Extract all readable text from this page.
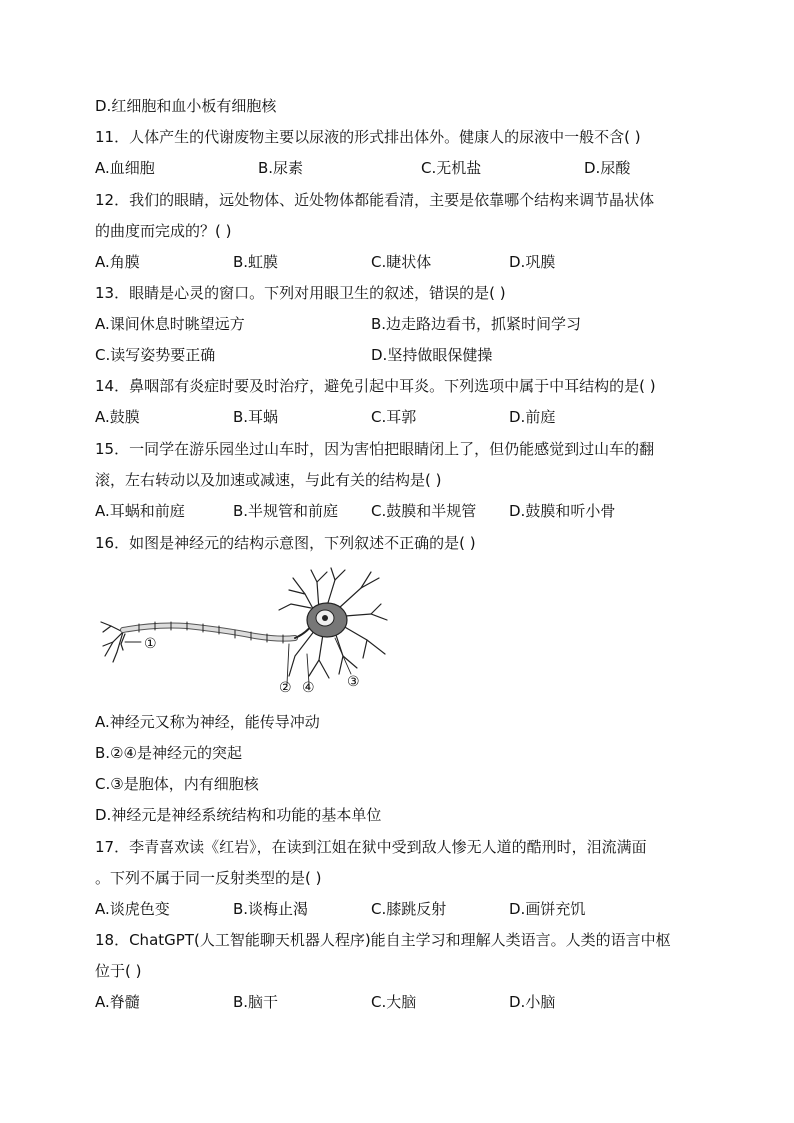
D.红细胞和血小板有细胞核
11．人体产生的代谢废物主要以尿液的形式排出体外。健康人的尿液中一般不含( )
A.血细胞	B.尿素	C.无机盐	D.尿酸
12．我们的眼睛，远处物体、近处物体都能看清，主要是依靠哪个结构来调节晶状体
的曲度而完成的？( )
A.角膜	B.虹膜	C.睫状体	D.巩膜
13．眼睛是心灵的窗口。下列对用眼卫生的叙述，错误的是( )
A.课间休息时眺望远方	B.边走路边看书，抓紧时间学习
C.读写姿势要正确	D.坚持做眼保健操
14．鼻咽部有炎症时要及时治疗，避免引起中耳炎。下列选项中属于中耳结构的是( )
A.鼓膜	B.耳蜗	C.耳郭	D.前庭
15．一同学在游乐园坐过山车时，因为害怕把眼睛闭上了，但仍能感觉到过山车的翻
滚，左右转动以及加速或减速，与此有关的结构是( )
A.耳蜗和前庭	B.半规管和前庭 C.鼓膜和半规管 D.鼓膜和听小骨
16．如图是神经元的结构示意图，下列叙述不正确的是( )
①
② ④ ③
A.神经元又称为神经，能传导冲动
B.②④是神经元的突起
C.③是胞体，内有细胞核
D.神经元是神经系统结构和功能的基本单位
17．李青喜欢读《红岩》，在读到江姐在狱中受到敌人惨无人道的酷刑时，泪流满面
。下列不属于同一反射类型的是( )
A.谈虎色变	B.谈梅止渴	C.膝跳反射	D.画饼充饥
18．ChatGPT(人工智能聊天机器人程序)能自主学习和理解人类语言。人类的语言中枢
位于( )
A.脊髓	B.脑干	C.大脑	D.小脑
